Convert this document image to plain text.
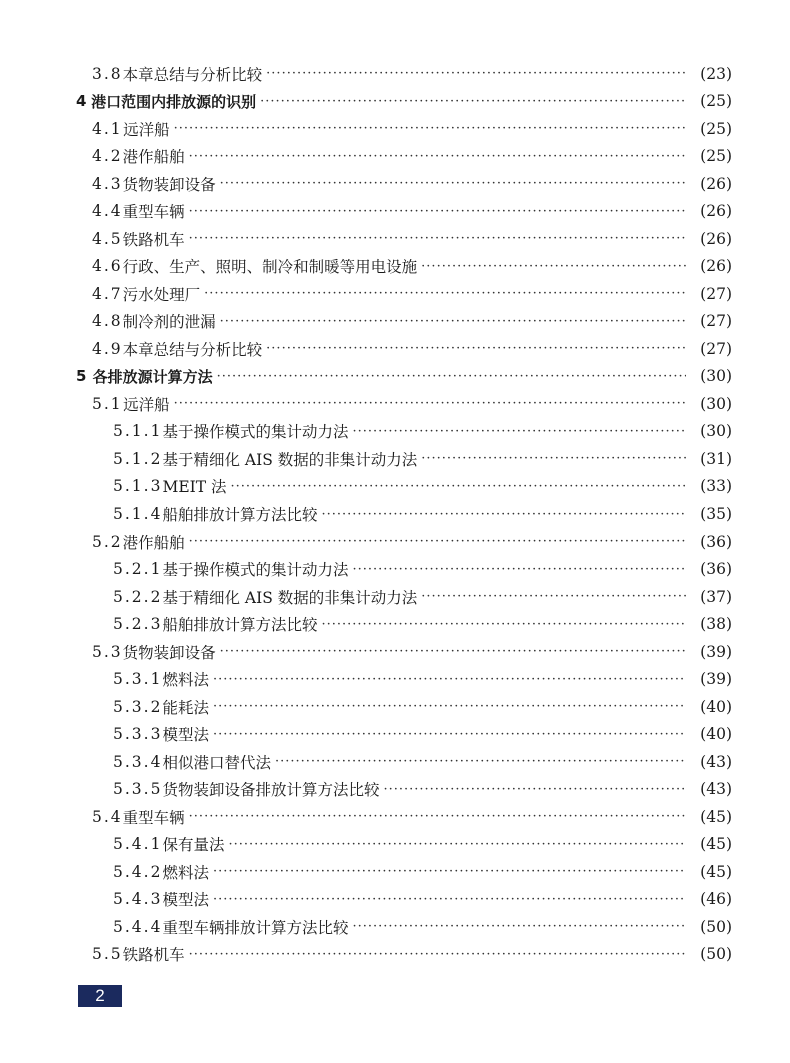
3.8 本章总结与分析比较 ·····	(23)
4 港口范围内排放源的识别 ·····	(25)
4.1 远洋船 ·····	(25)
4.2 港作船舶 ·····	(25)
4.3 货物装卸设备 ·····	(26)
4.4 重型车辆 ·····	(26)
4.5 铁路机车 ·····	(26)
4.6 行政、生产、照明、制冷和制暖等用电设施 ·····	(26)
4.7 污水处理厂 ·····	(27)
4.8 制冷剂的泄漏 ·····	(27)
4.9 本章总结与分析比较 ·····	(27)
5 各排放源计算方法 ·····	(30)
5.1 远洋船 ·····	(30)
5.1.1 基于操作模式的集计动力法 ·····	(30)
5.1.2 基于精细化 AIS 数据的非集计动力法 ·····	(31)
5.1.3 MEIT 法 ·····	(33)
5.1.4 船舶排放计算方法比较 ·····	(35)
5.2 港作船舶 ·····	(36)
5.2.1 基于操作模式的集计动力法 ·····	(36)
5.2.2 基于精细化 AIS 数据的非集计动力法 ·····	(37)
5.2.3 船舶排放计算方法比较 ·····	(38)
5.3 货物装卸设备 ·····	(39)
5.3.1 燃料法 ·····	(39)
5.3.2 能耗法 ·····	(40)
5.3.3 模型法 ·····	(40)
5.3.4 相似港口替代法 ·····	(43)
5.3.5 货物装卸设备排放计算方法比较 ·····	(43)
5.4 重型车辆 ·····	(45)
5.4.1 保有量法 ·····	(45)
5.4.2 燃料法 ·····	(45)
5.4.3 模型法 ·····	(46)
5.4.4 重型车辆排放计算方法比较 ·····	(50)
5.5 铁路机车 ·····	(50)
2
